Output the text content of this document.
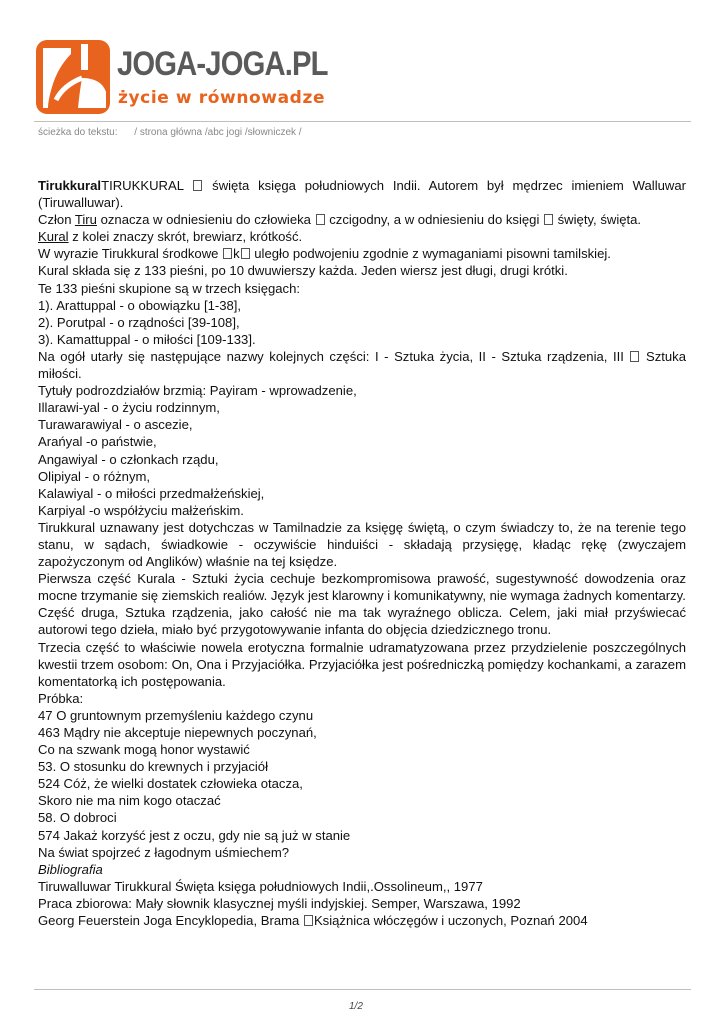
JOGA-JOGA.PL
życie w równowadze
ścieżka do tekstu: / strona główna /abc jogi /słowniczek /

TirukkuralTIRUKKURAL  święta księga południowych Indii. Autorem był mędrzec imieniem Walluwar (Tiruwalluwar).

Człon Tiru oznacza w odniesieniu do człowieka  czcigodny, a w odniesieniu do księgi  święty, święta.

Kural z kolei znaczy skrót, brewiarz, krótkość.

W wyrazie Tirukkural środkowe k uległo podwojeniu zgodnie z wymaganiami pisowni tamilskiej.

Kural składa się z 133 pieśni, po 10 dwuwierszy każda. Jeden wiersz jest długi, drugi krótki.

Te 133 pieśni skupione są w trzech księgach:

1). Arattuppal - o obowiązku [1-38],

2). Porutpal - o rządności [39-108],

3). Kamattuppal - o miłości [109-133].

Na ogół utarły się następujące nazwy kolejnych części: I - Sztuka życia, II - Sztuka rządzenia, III  Sztuka miłości.

Tytuły podrozdziałów brzmią: Payiram - wprowadzenie,

Illarawi-yal - o życiu rodzinnym,

Turawarawiyal - o ascezie,

Arańyal -o państwie,

Angawiyal - o członkach rządu,

Olipiyal - o różnym,

Kalawiyal - o miłości przedmałżeńskiej,

Karpiyal -o współżyciu małżeńskim.

Tirukkural uznawany jest dotychczas w Tamilnadzie za księgę świętą, o czym świadczy to, że na terenie tego stanu, w sądach, świadkowie - oczywiście hinduiści - składają przysięgę, kładąc rękę (zwyczajem zapożyczonym od Anglików) właśnie na tej księdze.

Pierwsza część Kurala - Sztuki życia cechuje bezkompromisowa prawość, sugestywność dowodzenia oraz mocne trzymanie się ziemskich realiów. Język jest klarowny i komunikatywny, nie wymaga żadnych komentarzy.

Część druga, Sztuka rządzenia, jako całość nie ma tak wyraźnego oblicza. Celem, jaki miał przyświecać autorowi tego dzieła, miało być przygotowywanie infanta do objęcia dziedzicznego tronu.

Trzecia część to właściwie nowela erotyczna formalnie udramatyzowana przez przydzielenie poszczególnych kwestii trzem osobom: On, Ona i Przyjaciółka. Przyjaciółka jest pośredniczką pomiędzy kochankami, a zarazem komentatorką ich postępowania.

Próbka:

47 O gruntownym przemyśleniu każdego czynu

463 Mądry nie akceptuje niepewnych poczynań,

Co na szwank mogą honor wystawić

53. O stosunku do krewnych i przyjaciół

524 Cóż, że wielki dostatek człowieka otacza,

Skoro nie ma nim kogo otaczać

58. O dobroci

574 Jakaż korzyść jest z oczu, gdy nie są już w stanie

Na świat spojrzeć z łagodnym uśmiechem?

Bibliografia

Tiruwalluwar Tirukkural Święta księga południowych Indii,.Ossolineum,, 1977

Praca zbiorowa: Mały słownik klasycznej myśli indyjskiej. Semper, Warszawa, 1992

Georg Feuerstein Joga Encyklopedia, Brama Książnica włóczęgów i uczonych, Poznań 2004

1/2
